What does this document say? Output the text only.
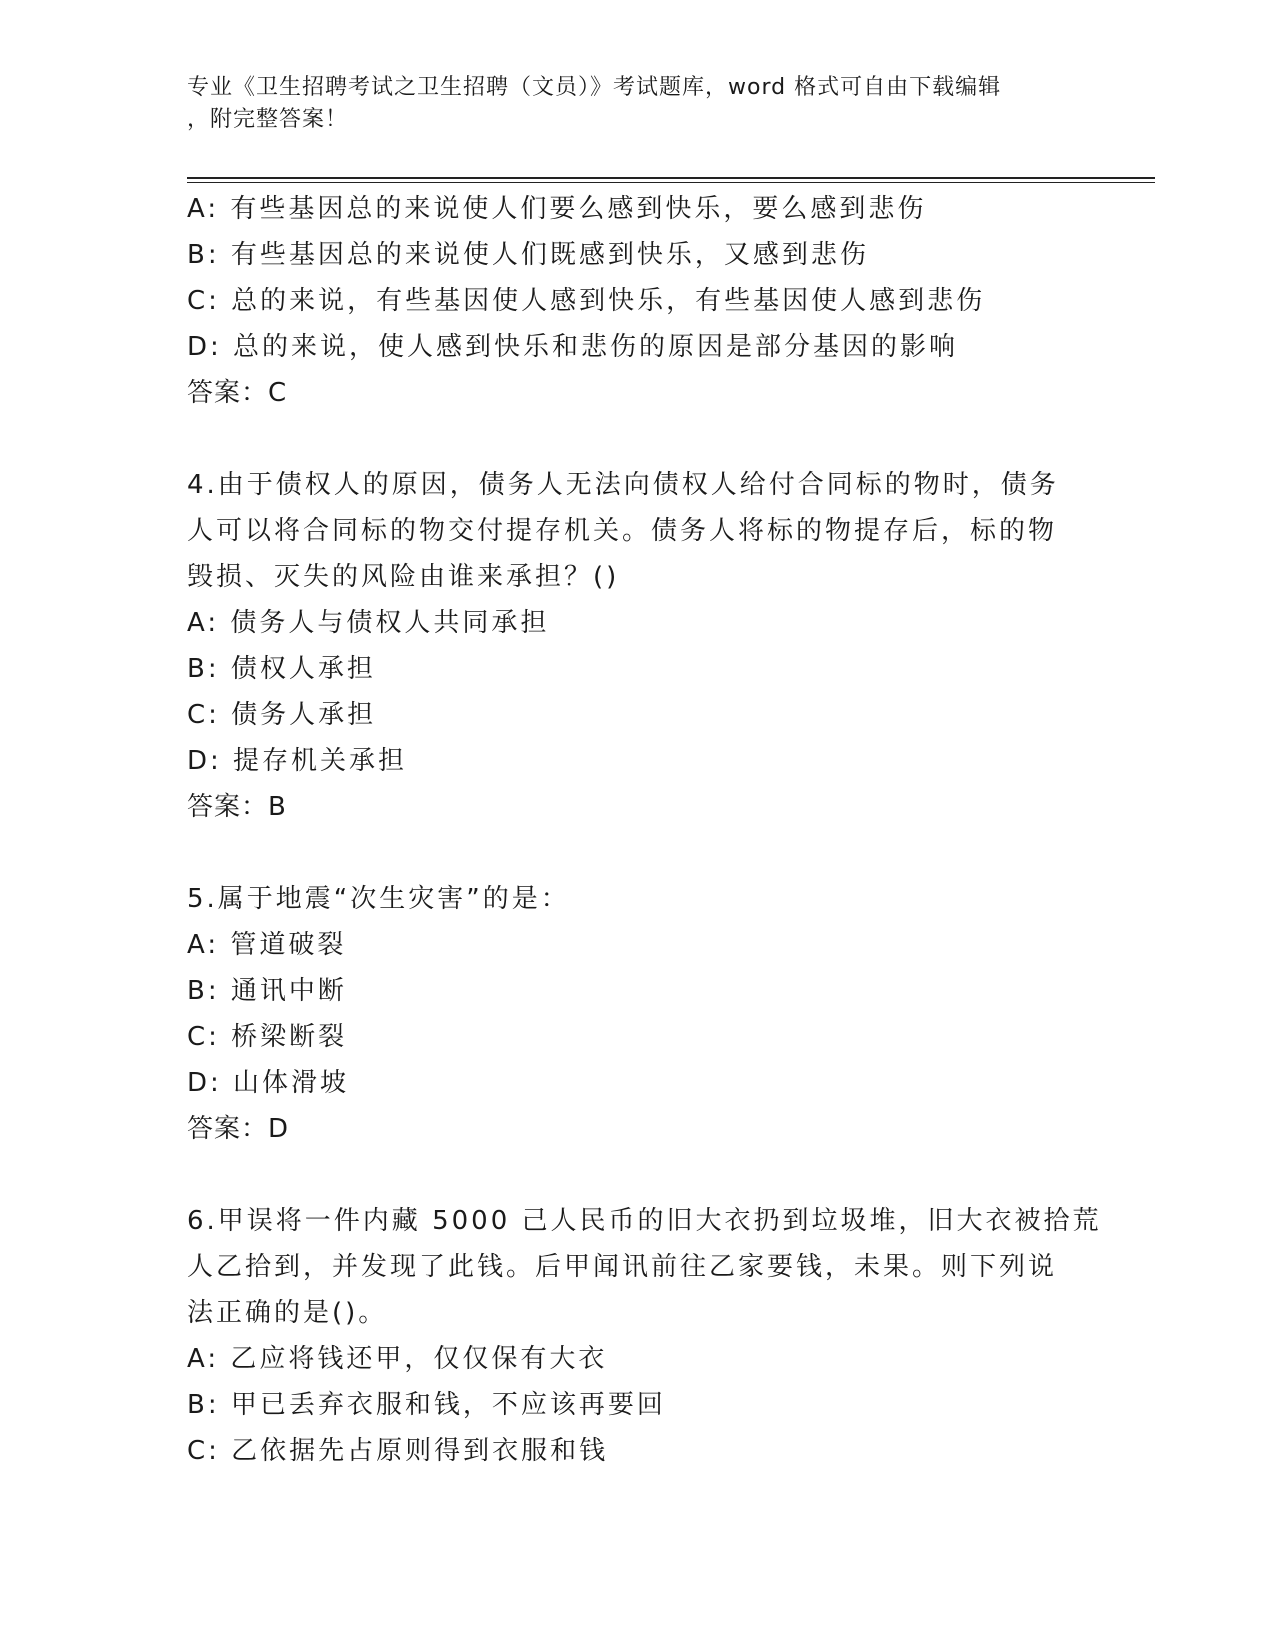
专业《卫生招聘考试之卫生招聘（文员）》考试题库，word 格式可自由下载编辑
，附完整答案！
A: 有些基因总的来说使人们要么感到快乐，要么感到悲伤
B: 有些基因总的来说使人们既感到快乐，又感到悲伤
C: 总的来说，有些基因使人感到快乐，有些基因使人感到悲伤
D: 总的来说，使人感到快乐和悲伤的原因是部分基因的影响
答案：C
4.由于债权人的原因，债务人无法向债权人给付合同标的物时，债务
人可以将合同标的物交付提存机关。债务人将标的物提存后，标的物
毁损、灭失的风险由谁来承担？()
A: 债务人与债权人共同承担
B: 债权人承担
C: 债务人承担
D: 提存机关承担
答案：B
5.属于地震“次生灾害”的是：
A: 管道破裂
B: 通讯中断
C: 桥梁断裂
D: 山体滑坡
答案：D
6.甲误将一件内藏 5000 己人民币的旧大衣扔到垃圾堆，旧大衣被拾荒
人乙拾到，并发现了此钱。后甲闻讯前往乙家要钱，未果。则下列说
法正确的是()。
A: 乙应将钱还甲，仅仅保有大衣
B: 甲已丢弃衣服和钱，不应该再要回
C: 乙依据先占原则得到衣服和钱
